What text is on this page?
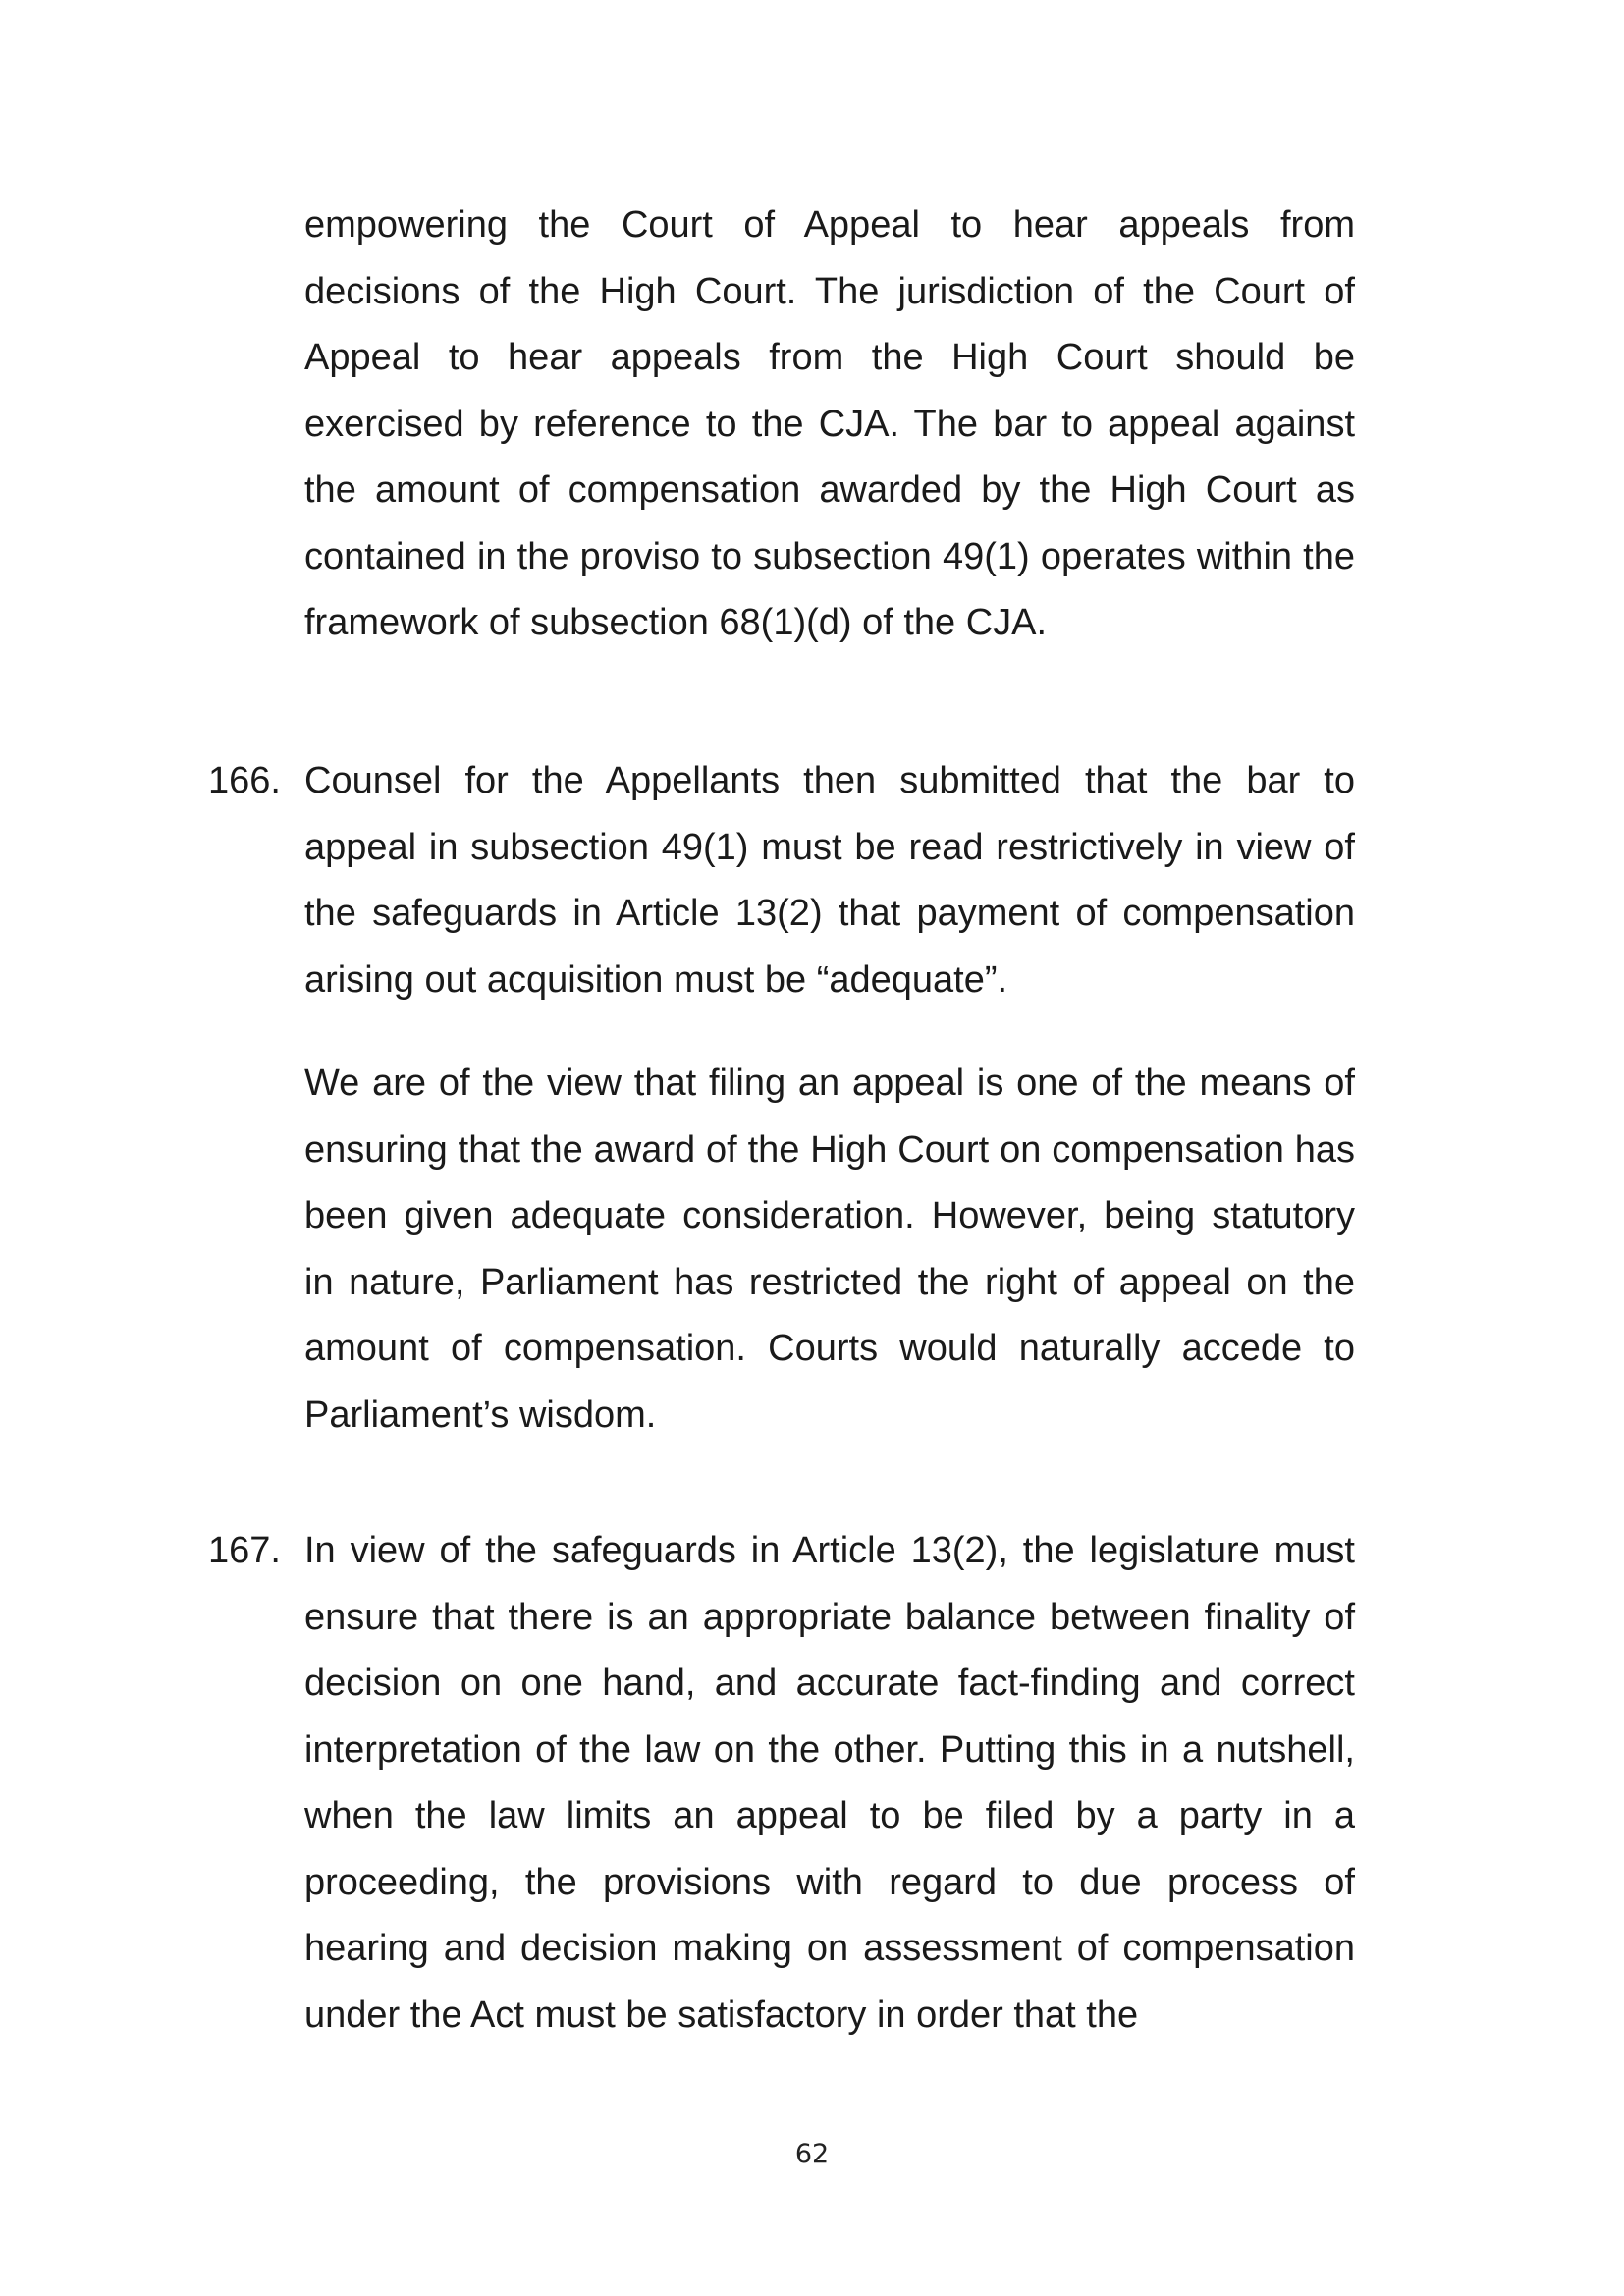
empowering the Court of Appeal to hear appeals from decisions of the High Court. The jurisdiction of the Court of Appeal to hear appeals from the High Court should be exercised by reference to the CJA. The bar to appeal against the amount of compensation awarded by the High Court as contained in the proviso to subsection 49(1) operates within the framework of subsection 68(1)(d) of the CJA.
166. Counsel for the Appellants then submitted that the bar to appeal in subsection 49(1) must be read restrictively in view of the safeguards in Article 13(2) that payment of compensation arising out acquisition must be “adequate”.
We are of the view that filing an appeal is one of the means of ensuring that the award of the High Court on compensation has been given adequate consideration. However, being statutory in nature, Parliament has restricted the right of appeal on the amount of compensation. Courts would naturally accede to Parliament’s wisdom.
167. In view of the safeguards in Article 13(2), the legislature must ensure that there is an appropriate balance between finality of decision on one hand, and accurate fact-finding and correct interpretation of the law on the other. Putting this in a nutshell, when the law limits an appeal to be filed by a party in a proceeding, the provisions with regard to due process of hearing and decision making on assessment of compensation under the Act must be satisfactory in order that the
62
